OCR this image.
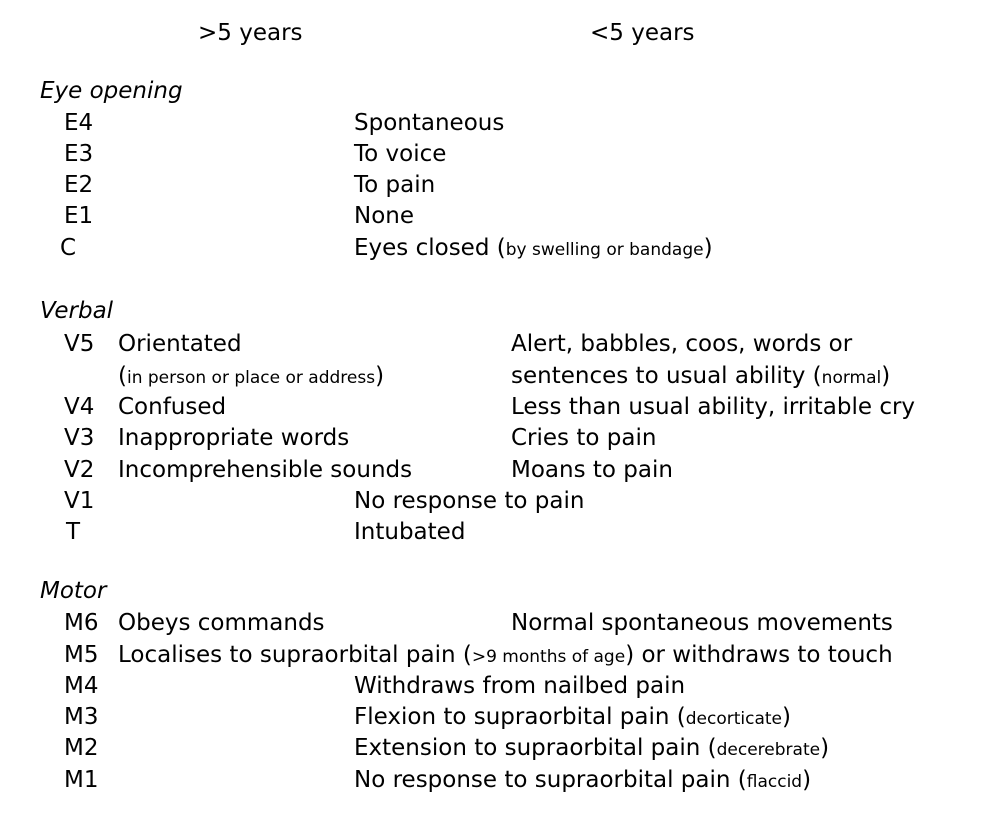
>5 years	<5 years
Eye opening
E4	Spontaneous
E3	To voice
E2	To pain
E1	None
C	Eyes closed (by swelling or bandage)
Verbal
V5 Orientated	Alert, babbles, coos, words or
(in person or place or address)	sentences to usual ability (normal)
V4 Confused	Less than usual ability, irritable cry
V3 Inappropriate words	Cries to pain
V2 Incomprehensible sounds	Moans to pain
V1	No response to pain
T	Intubated
Motor
M6 Obeys commands	Normal spontaneous movements
M5 Localises to supraorbital pain (>9 months of age) or withdraws to touch
M4	Withdraws from nailbed pain
M3	Flexion to supraorbital pain (decorticate)
M2	Extension to supraorbital pain (decerebrate)
M1	No response to supraorbital pain (flaccid)
